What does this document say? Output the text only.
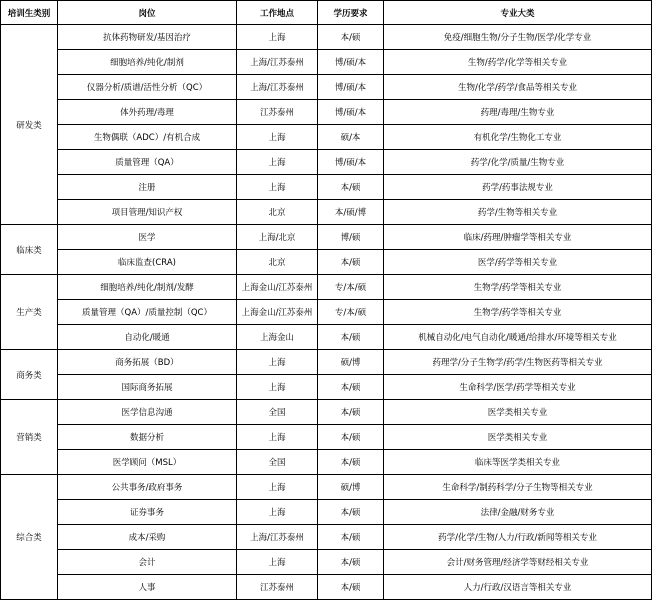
培训生类别	岗位	工作地点	学历要求	专业大类
研发类	抗体药物研发/基因治疗	上海	本/硕	免疫/细胞生物/分子生物/医学/化学专业
	细胞培养/纯化/制剂	上海/江苏泰州	博/硕/本	生物/药学/化学等相关专业
	仪器分析/质谱/活性分析（QC）	上海/江苏泰州	博/硕/本	生物/化学/药学/食品等相关专业
	体外药理/毒理	江苏泰州	博/硕/本	药理/毒理/生物专业
	生物偶联（ADC）/有机合成	上海	硕/本	有机化学/生物化工专业
	质量管理（QA）	上海	博/硕/本	药学/化学/质量/生物专业
	注册	上海	本/硕	药学/药事法规专业
	项目管理/知识产权	北京	本/硕/博	药学/生物等相关专业
临床类	医学	上海/北京	博/硕	临床/药理/肿瘤学等相关专业
	临床监查(CRA)	北京	本/硕	医学/药学等相关专业
生产类	细胞培养/纯化/制剂/发酵	上海金山/江苏泰州	专/本/硕	生物学/药学等相关专业
	质量管理（QA）/质量控制（QC）	上海金山/江苏泰州	专/本/硕	生物学/药学等相关专业
	自动化/暖通	上海金山	本/硕	机械自动化/电气自动化/暖通/给排水/环境等相关专业
商务类	商务拓展（BD）	上海	硕/博	药理学/分子生物学/药学/生物医药等相关专业
	国际商务拓展	上海	本/硕	生命科学/医学/药学等相关专业
营销类	医学信息沟通	全国	本/硕	医学类相关专业
	数据分析	上海	本/硕	医学类相关专业
	医学顾问（MSL）	全国	本/硕	临床等医学类相关专业
综合类	公共事务/政府事务	上海	硕/博	生命科学/制药科学/分子生物等相关专业
	证券事务	上海	本/硕	法律/金融/财务专业
	成本/采购	上海/江苏泰州	本/硕	药学/化学/生物/人力/行政/新闻等相关专业
	会计	上海	本/硕	会计/财务管理/经济学等财经相关专业
	人事	江苏泰州	本/硕	人力/行政/汉语言等相关专业
